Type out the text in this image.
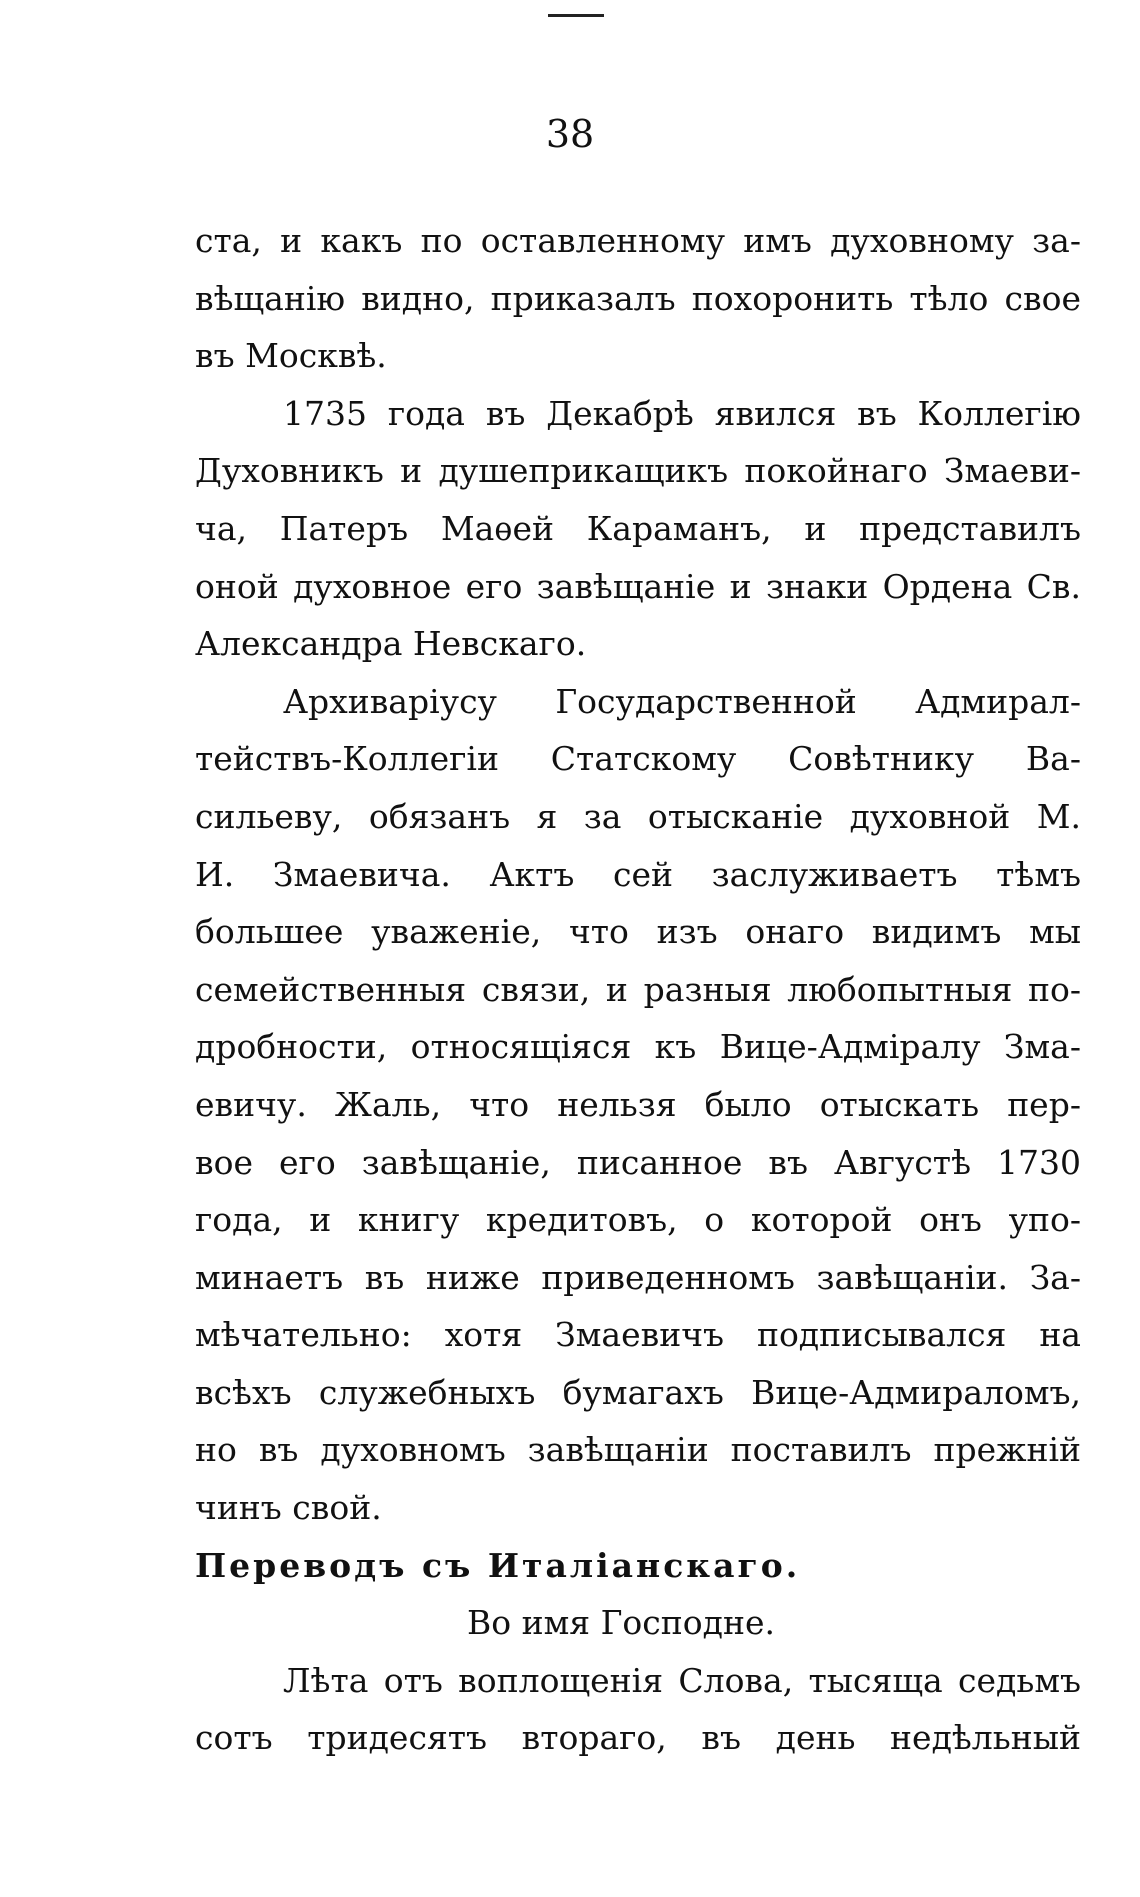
38
ста, и какъ по оставленному имъ духовному за-
вѣщанію видно, приказалъ похоронить тѣло свое
въ Москвѣ.
1735 года въ Декабрѣ явился въ Коллегію
Духовникъ и душеприкащикъ покойнаго Змаеви-
ча, Патеръ Маѳей Караманъ, и представилъ
оной духовное его завѣщаніе и знаки Ордена Св.
Александра Невскаго.
Архиваріусу Государственной Адмирал-
тействъ-Коллегіи Статскому Совѣтнику Ва-
сильеву, обязанъ я за отысканіе духовной М.
И. Змаевича. Актъ сей заслуживаетъ тѣмъ
большее уваженіе, что изъ онаго видимъ мы
семейственныя связи, и разныя любопытныя по-
дробности, относящіяся къ Вице-Адміралу Зма-
евичу. Жаль, что нельзя было отыскать пер-
вое его завѣщаніе, писанное въ Августѣ 1730
года, и книгу кредитовъ, о которой онъ упо-
минаетъ въ ниже приведенномъ завѣщаніи. За-
мѣчательно: хотя Змаевичъ подписывался на
всѣхъ служебныхъ бумагахъ Вице-Адмираломъ,
но въ духовномъ завѣщаніи поставилъ прежній
чинъ свой.
Переводъ съ Италіанскаго.
Во имя Господне.
Лѣта отъ воплощенія Слова, тысяща седьмъ
сотъ тридесятъ втораго, въ день недѣльный
